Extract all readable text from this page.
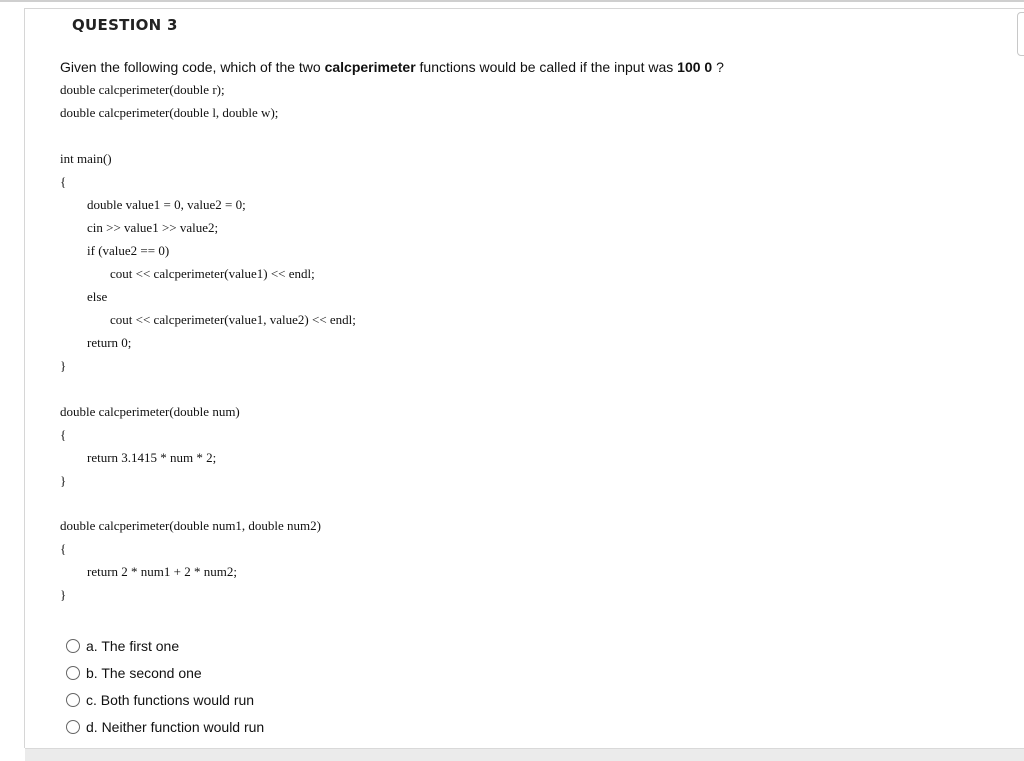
QUESTION 3
Given the following code, which of the two calcperimeter functions would be called if the input was 100 0 ?
double calcperimeter(double r);
double calcperimeter(double l, double w);
int main()
{
double value1 = 0, value2 = 0;
cin >> value1 >> value2;
if (value2 == 0)
cout << calcperimeter(value1) << endl;
else
cout << calcperimeter(value1, value2) << endl;
return 0;
}
double calcperimeter(double num)
{
return 3.1415 * num * 2;
}
double calcperimeter(double num1, double num2)
{
return 2 * num1 + 2 * num2;
}
a. The first one
b. The second one
c. Both functions would run
d. Neither function would run
